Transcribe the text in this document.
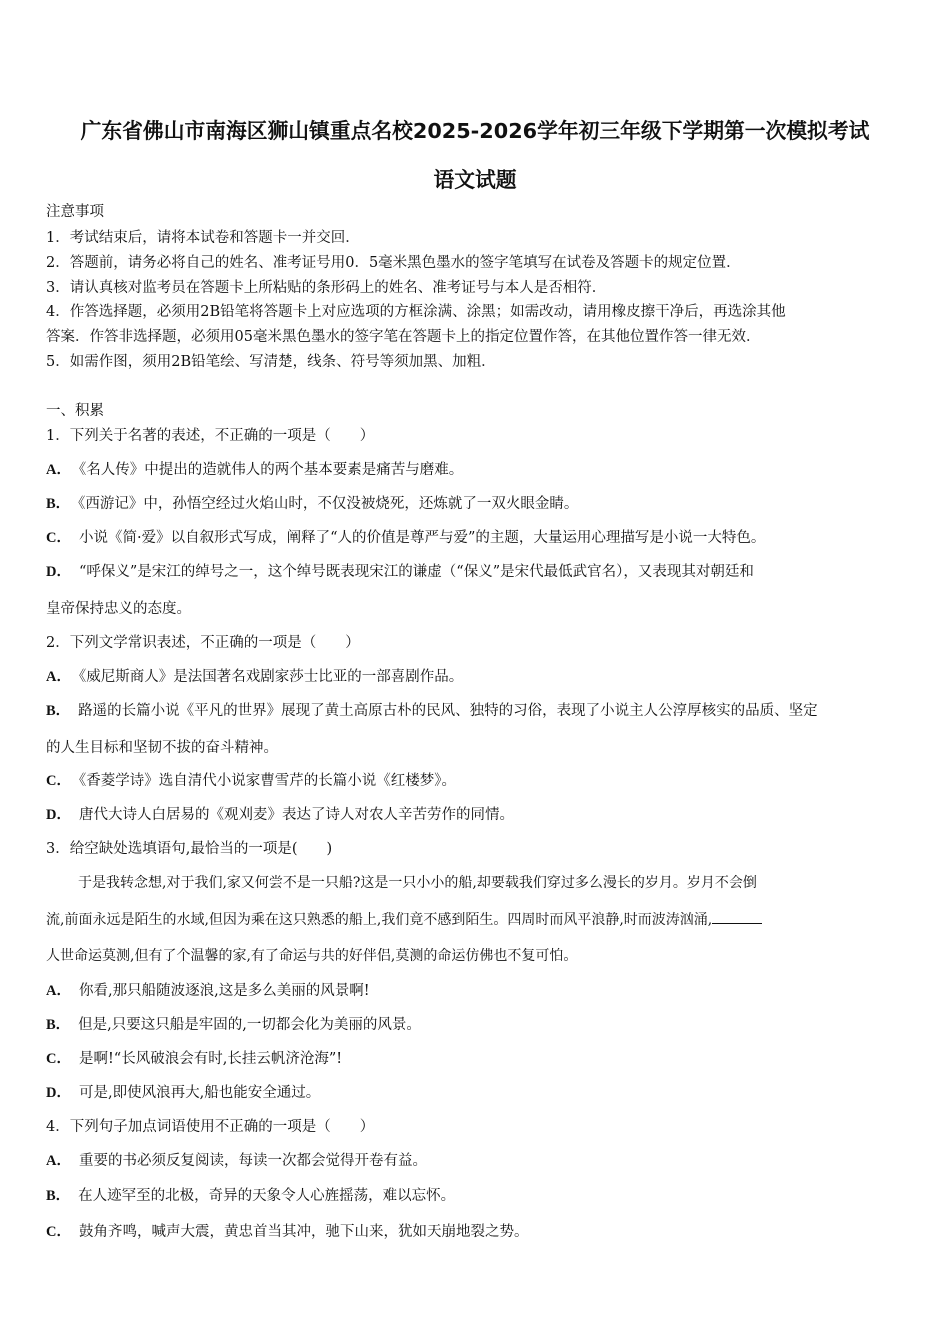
广东省佛山市南海区狮山镇重点名校2025-2026学年初三年级下学期第一次模拟考试
语文试题
注意事项
1．考试结束后，请将本试卷和答题卡一并交回．
2．答题前，请务必将自己的姓名、准考证号用0．5毫米黑色墨水的签字笔填写在试卷及答题卡的规定位置．
3．请认真核对监考员在答题卡上所粘贴的条形码上的姓名、准考证号与本人是否相符．
4．作答选择题，必须用2B铅笔将答题卡上对应选项的方框涂满、涂黑；如需改动，请用橡皮擦干净后，再选涂其他
答案．作答非选择题，必须用05毫米黑色墨水的签字笔在答题卡上的指定位置作答，在其他位置作答一律无效．
5．如需作图，须用2B铅笔绘、写清楚，线条、符号等须加黑、加粗．
一、积累
1．下列关于名著的表述，不正确的一项是（　　）
A． 《名人传》中提出的造就伟人的两个基本要素是痛苦与磨难。
B． 《西游记》中，孙悟空经过火焰山时，不仅没被烧死，还炼就了一双火眼金睛。
C． 小说《简·爱》以自叙形式写成，阐释了“人的价值是尊严与爱”的主题，大量运用心理描写是小说一大特色。
D． “呼保义”是宋江的绰号之一，这个绰号既表现宋江的谦虚（“保义”是宋代最低武官名），又表现其对朝廷和
皇帝保持忠义的态度。
2．下列文学常识表述，不正确的一项是（　　）
A． 《威尼斯商人》是法国著名戏剧家莎士比亚的一部喜剧作品。
B． 路遥的长篇小说《平凡的世界》展现了黄土高原古朴的民风、独特的习俗，表现了小说主人公淳厚核实的品质、坚定
的人生目标和坚韧不拔的奋斗精神。
C． 《香菱学诗》选自清代小说家曹雪芹的长篇小说《红楼梦》。
D． 唐代大诗人白居易的《观刈麦》表达了诗人对农人辛苦劳作的同情。
3．给空缺处选填语句,最恰当的一项是(　　)
于是我转念想,对于我们,家又何尝不是一只船?这是一只小小的船,却要载我们穿过多么漫长的岁月。岁月不会倒
流,前面永远是陌生的水域,但因为乘在这只熟悉的船上,我们竟不感到陌生。四周时而风平浪静,时而波涛汹涌,
人世命运莫测,但有了个温馨的家,有了命运与共的好伴侣,莫测的命运仿佛也不复可怕。
A． 你看,那只船随波逐浪,这是多么美丽的风景啊!
B． 但是,只要这只船是牢固的,一切都会化为美丽的风景。
C． 是啊!“长风破浪会有时,长挂云帆济沧海”!
D． 可是,即使风浪再大,船也能安全通过。
4．下列句子加点词语使用不正确的一项是（　　）
A． 重要的书必须反复阅读，每读一次都会觉得开卷有益。
B． 在人迹罕至的北极，奇异的天象令人心旌摇荡，难以忘怀。
C． 鼓角齐鸣，喊声大震，黄忠首当其冲，驰下山来，犹如天崩地裂之势。
